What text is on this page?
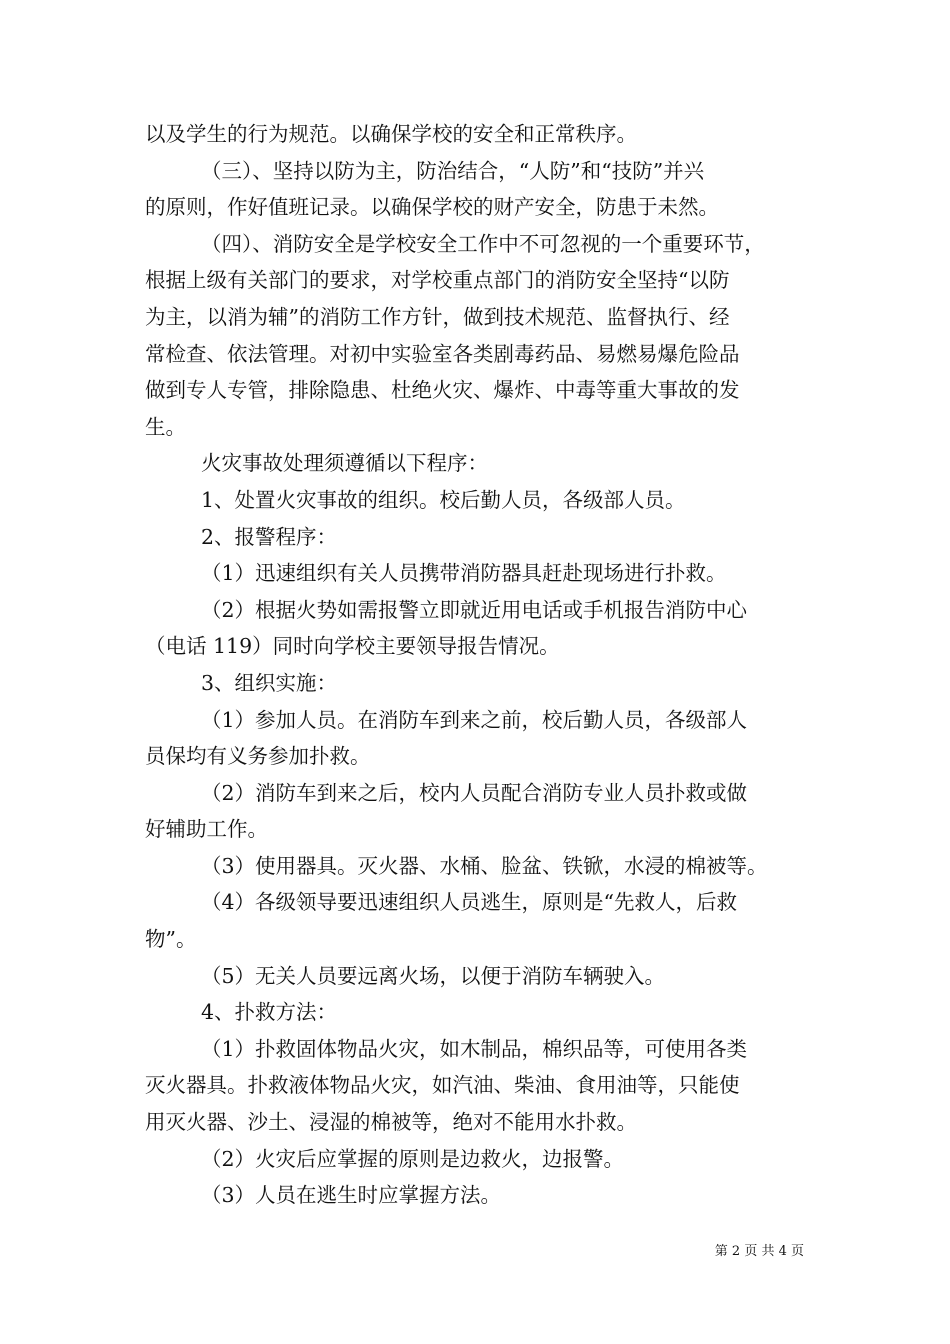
以及学生的行为规范。以确保学校的安全和正常秩序。
（三）、坚持以防为主，防治结合，“人防”和“技防”并兴
的原则，作好值班记录。以确保学校的财产安全，防患于未然。
（四）、消防安全是学校安全工作中不可忽视的一个重要环节，
根据上级有关部门的要求，对学校重点部门的消防安全坚持“以防
为主，以消为辅”的消防工作方针，做到技术规范、监督执行、经
常检查、依法管理。对初中实验室各类剧毒药品、易燃易爆危险品
做到专人专管，排除隐患、杜绝火灾、爆炸、中毒等重大事故的发
生。
火灾事故处理须遵循以下程序：
1、处置火灾事故的组织。校后勤人员，各级部人员。
2、报警程序：
（1）迅速组织有关人员携带消防器具赶赴现场进行扑救。
（2）根据火势如需报警立即就近用电话或手机报告消防中心
（电话 119）同时向学校主要领导报告情况。
3、组织实施：
（1）参加人员。在消防车到来之前，校后勤人员，各级部人
员保均有义务参加扑救。
（2）消防车到来之后，校内人员配合消防专业人员扑救或做
好辅助工作。
（3）使用器具。灭火器、水桶、脸盆、铁锨，水浸的棉被等。
（4）各级领导要迅速组织人员逃生，原则是“先救人，后救
物”。
（5）无关人员要远离火场，以便于消防车辆驶入。
4、扑救方法：
（1）扑救固体物品火灾，如木制品，棉织品等，可使用各类
灭火器具。扑救液体物品火灾，如汽油、柴油、食用油等，只能使
用灭火器、沙土、浸湿的棉被等，绝对不能用水扑救。
（2）火灾后应掌握的原则是边救火，边报警。
（3）人员在逃生时应掌握方法。
第 2 页 共 4 页
